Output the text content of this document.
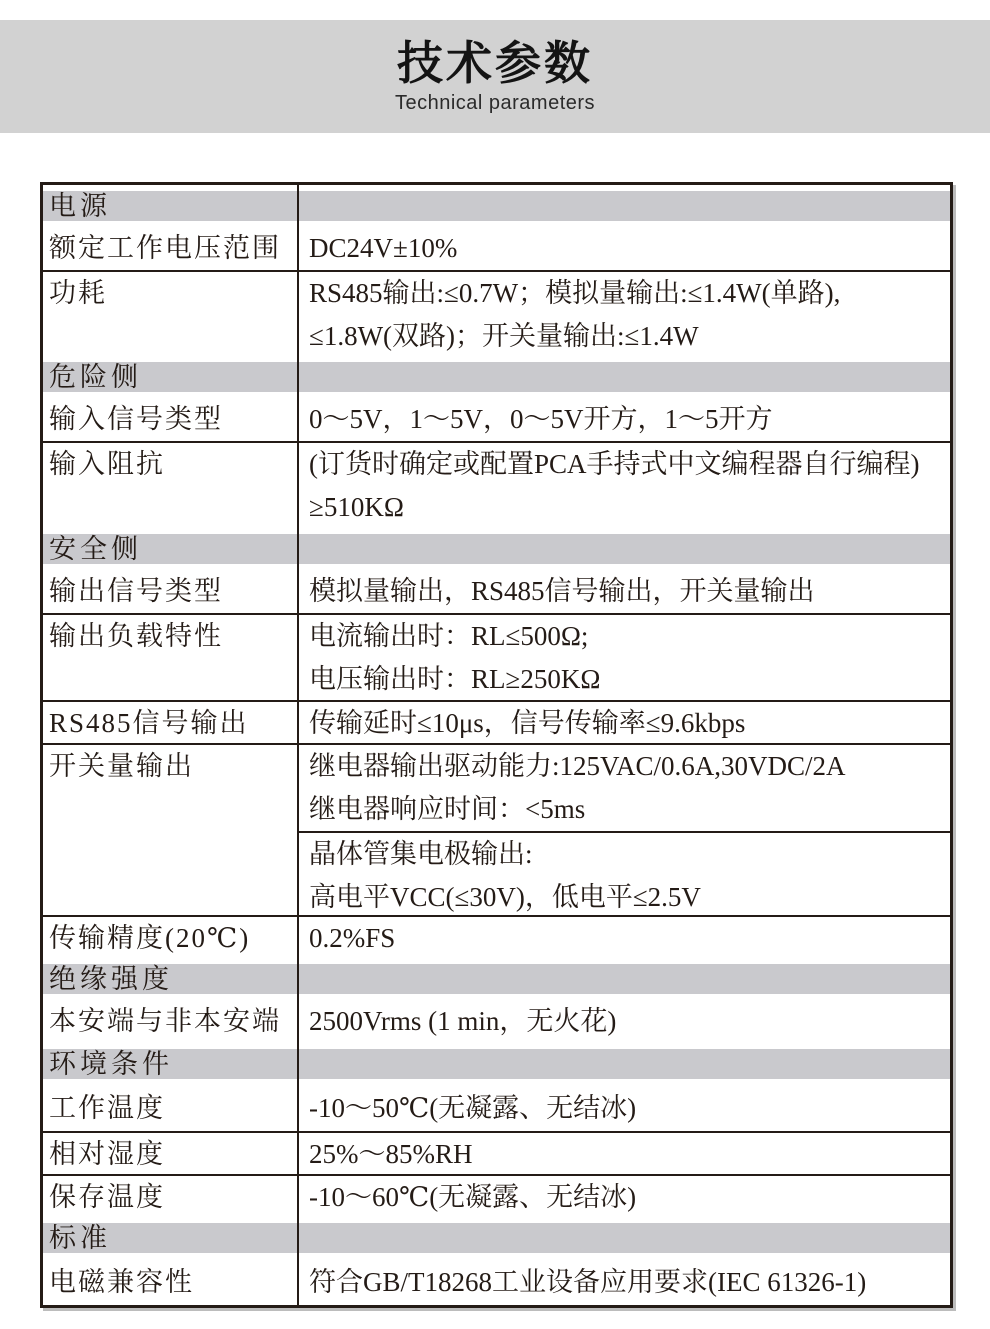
技术参数
Technical parameters
电源
额定工作电压范围	DC24V±10%
功耗	RS485输出:≤0.7W；模拟量输出:≤1.4W(单路),
≤1.8W(双路)；开关量输出:≤1.4W
危险侧
输入信号类型	0～5V，1～5V，0～5V开方，1～5开方
输入阻抗	(订货时确定或配置PCA手持式中文编程器自行编程)
≥510KΩ
安全侧
输出信号类型	模拟量输出，RS485信号输出，开关量输出
输出负载特性	电流输出时：RL≤500Ω;
电压输出时：RL≥250KΩ
RS485信号输出	传输延时≤10μs，信号传输率≤9.6kbps
开关量输出	继电器输出驱动能力:125VAC/0.6A,30VDC/2A
继电器响应时间：<5ms
晶体管集电极输出:
高电平VCC(≤30V)，低电平≤2.5V
传输精度(20℃)	0.2%FS
绝缘强度
本安端与非本安端	2500Vrms (1 min，无火花)
环境条件
工作温度	-10～50℃(无凝露、无结冰)
相对湿度	25%～85%RH
保存温度	-10～60℃(无凝露、无结冰)
标准
电磁兼容性	符合GB/T18268工业设备应用要求(IEC 61326-1)
